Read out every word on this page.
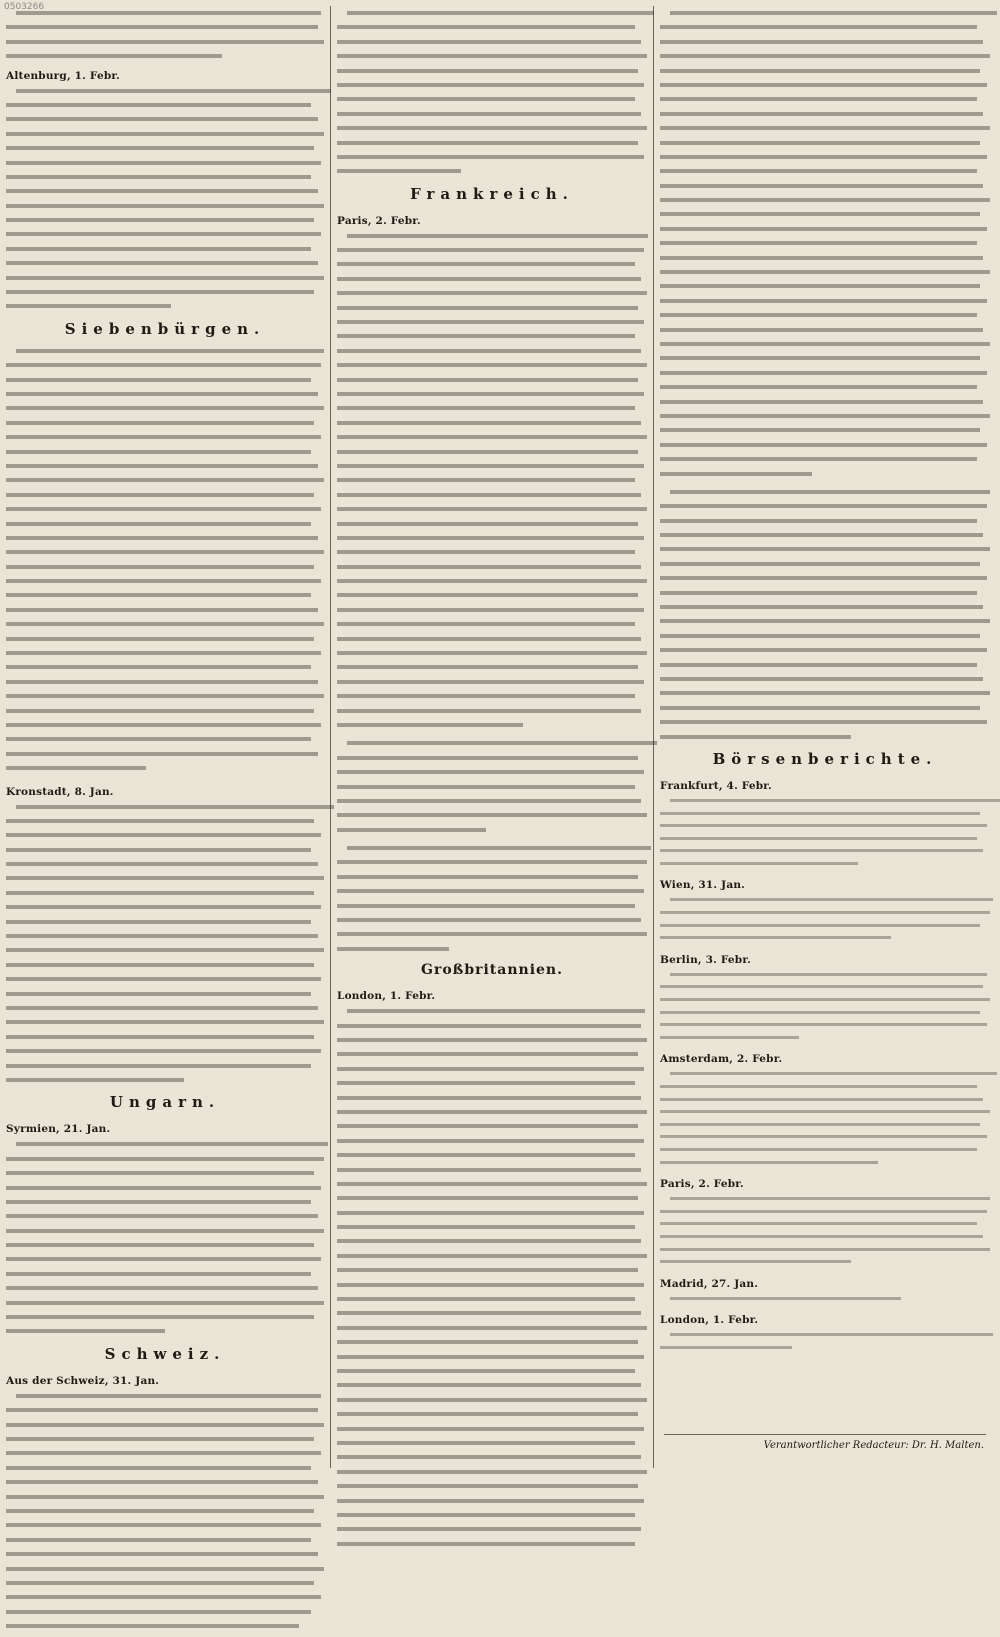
0503266
Altenburg, 1. Febr.
Siebenbürgen.
Kronstadt, 8. Jan.
Ungarn.
Syrmien, 21. Jan.
Schweiz.
Aus der Schweiz, 31. Jan.
Frankreich.
Paris, 2. Febr.
Großbritannien.
London, 1. Febr.
Börsenberichte.
Frankfurt, 4. Febr.
Wien, 31. Jan.
Berlin, 3. Febr.
Amsterdam, 2. Febr.
Paris, 2. Febr.
Madrid, 27. Jan.
London, 1. Febr.
Verantwortlicher Redacteur: Dr. H. Malten.
